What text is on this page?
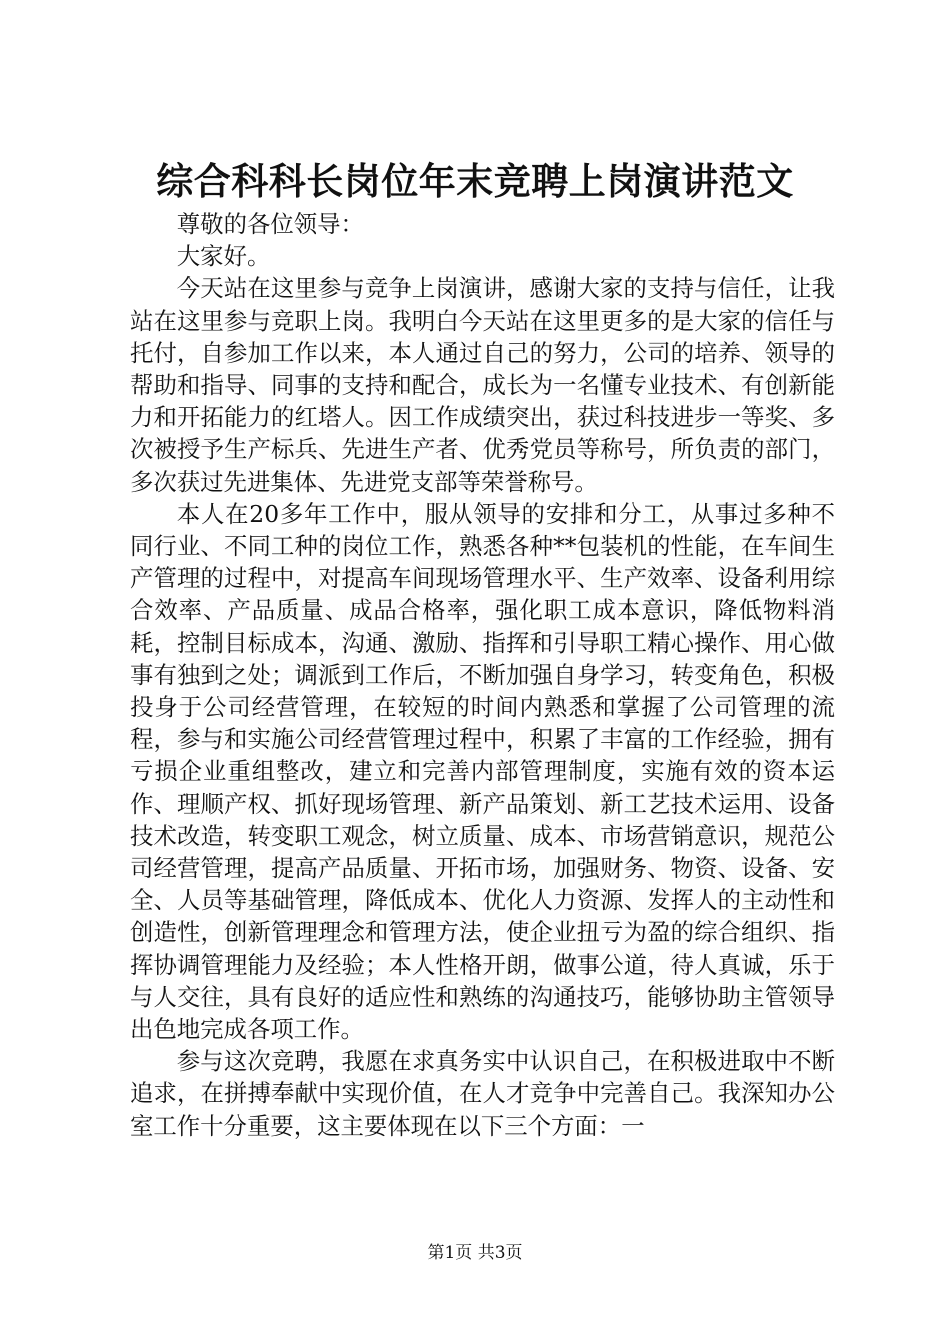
综合科科长岗位年末竞聘上岗演讲范文

尊敬的各位领导：

大家好。

今天站在这里参与竞争上岗演讲，感谢大家的支持与信任，让我站在这里参与竞职上岗。我明白今天站在这里更多的是大家的信任与托付，自参加工作以来，本人通过自己的努力，公司的培养、领导的帮助和指导、同事的支持和配合，成长为一名懂专业技术、有创新能力和开拓能力的红塔人。因工作成绩突出，获过科技进步一等奖、多次被授予生产标兵、先进生产者、优秀党员等称号，所负责的部门，多次获过先进集体、先进党支部等荣誉称号。

本人在20多年工作中，服从领导的安排和分工，从事过多种不同行业、不同工种的岗位工作，熟悉各种**包装机的性能，在车间生产管理的过程中，对提高车间现场管理水平、生产效率、设备利用综合效率、产品质量、成品合格率，强化职工成本意识，降低物料消耗，控制目标成本，沟通、激励、指挥和引导职工精心操作、用心做事有独到之处；调派到工作后，不断加强自身学习，转变角色，积极投身于公司经营管理，在较短的时间内熟悉和掌握了公司管理的流程，参与和实施公司经营管理过程中，积累了丰富的工作经验，拥有亏损企业重组整改，建立和完善内部管理制度，实施有效的资本运作、理顺产权、抓好现场管理、新产品策划、新工艺技术运用、设备技术改造，转变职工观念，树立质量、成本、市场营销意识，规范公司经营管理，提高产品质量、开拓市场，加强财务、物资、设备、安全、人员等基础管理，降低成本、优化人力资源、发挥人的主动性和创造性，创新管理理念和管理方法，使企业扭亏为盈的综合组织、指挥协调管理能力及经验；本人性格开朗，做事公道，待人真诚，乐于与人交往，具有良好的适应性和熟练的沟通技巧，能够协助主管领导出色地完成各项工作。

参与这次竞聘，我愿在求真务实中认识自己，在积极进取中不断追求，在拼搏奉献中实现价值，在人才竞争中完善自己。我深知办公室工作十分重要，这主要体现在以下三个方面：一

第1页 共3页
